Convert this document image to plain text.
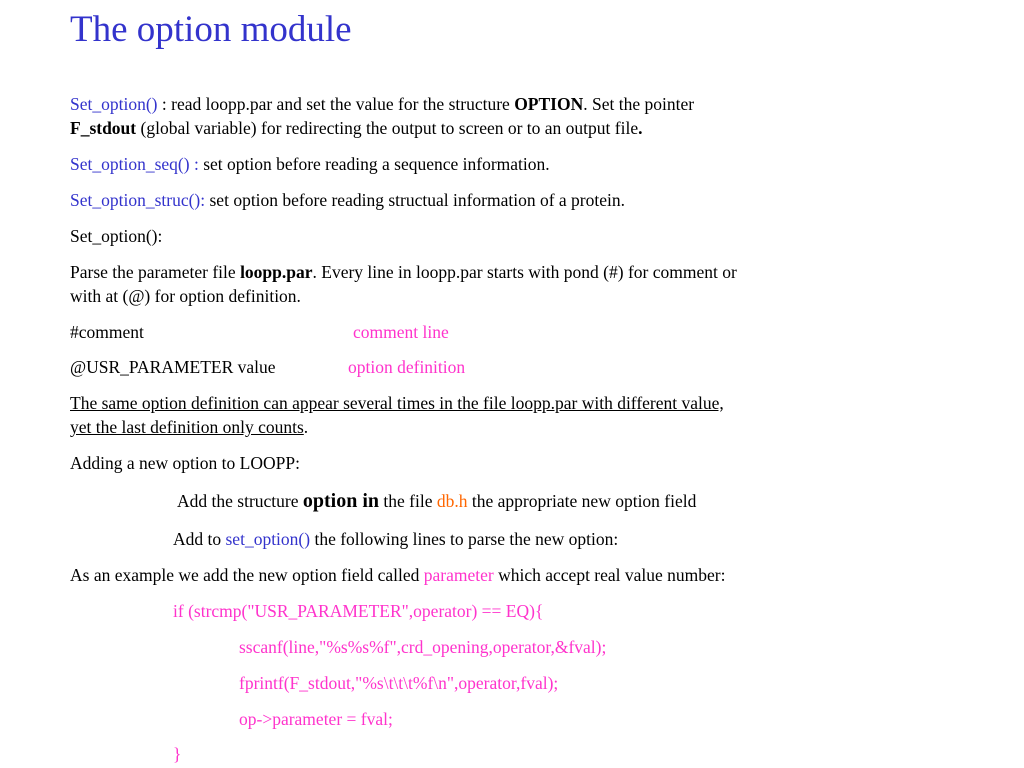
The option module
Set_option() : read loopp.par and set the value for the structure OPTION. Set the pointer
F_stdout (global variable) for redirecting the output to screen or to an output file.
Set_option_seq() : set option before reading a sequence information.
Set_option_struc(): set option before reading structual information of a protein.
Set_option():
Parse the parameter file loopp.par. Every line in loopp.par starts with pond (#) for comment or
with at (@) for option definition.
#comment	comment line
@USR_PARAMETER value	option definition
The same option definition can appear several times in the file loopp.par with different value,
yet the last definition only counts.
Adding a new option to LOOPP:
Add the structure option in the file db.h the appropriate new option field
Add to set_option() the following lines to parse the new option:
As an example we add the new option field called parameter which accept real value number:
if (strcmp("USR_PARAMETER",operator) == EQ){
sscanf(line,"%s%s%f",crd_opening,operator,&fval);
fprintf(F_stdout,"%s\t\t\t%f\n",operator,fval);
op->parameter = fval;
}
